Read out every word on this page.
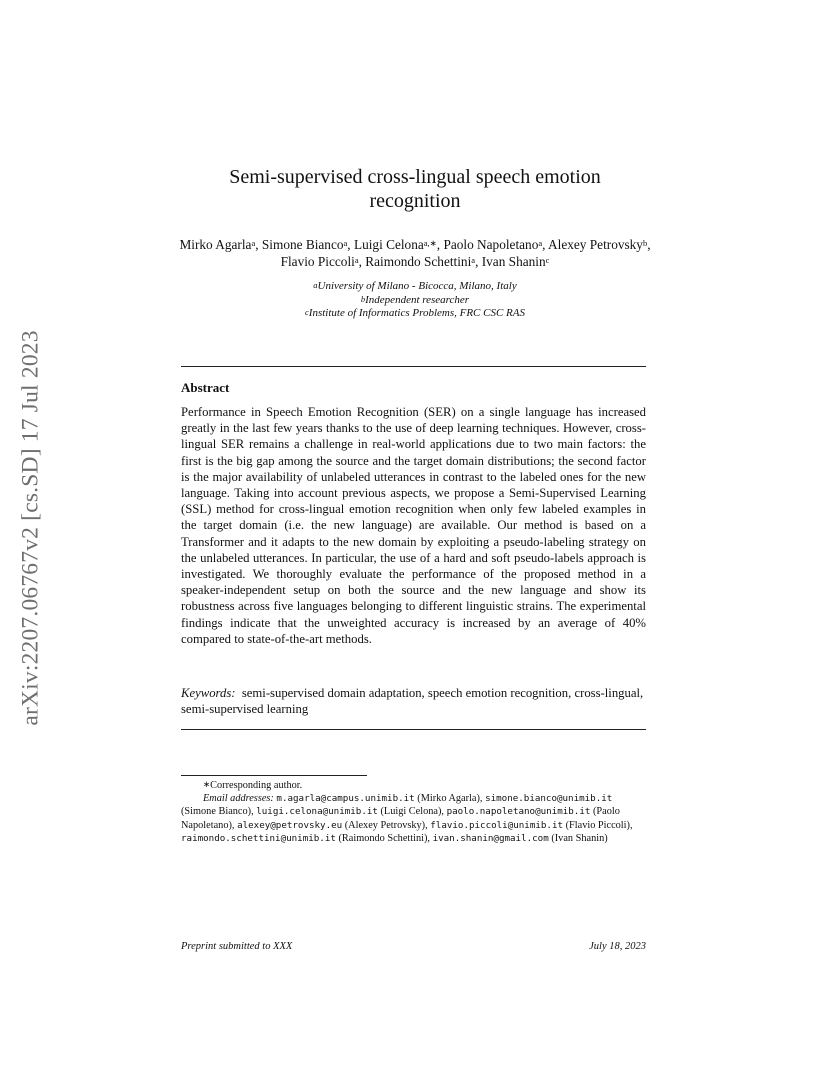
arXiv:2207.06767v2 [cs.SD] 17 Jul 2023
Semi-supervised cross-lingual speech emotion
recognition
Mirko Agarla$^a$, Simone Bianco$^a$, Luigi Celona$^{a,∗}$, Paolo Napoletano$^a$, Alexey Petrovsky$^b$, Flavio Piccoli$^a$, Raimondo Schettini$^a$, Ivan Shanin$^c$
$^a$University of Milano - Bicocca, Milano, Italy
$^b$Independent researcher
$^c$Institute of Informatics Problems, FRC CSC RAS
Abstract

Performance in Speech Emotion Recognition (SER) on a single language has increased greatly in the last few years thanks to the use of deep learning techniques. However, cross-lingual SER remains a challenge in real-world applications due to two main factors: the first is the big gap among the source and the target domain distributions; the second factor is the major availability of unlabeled utterances in contrast to the labeled ones for the new language. Taking into account previous aspects, we propose a Semi-Supervised Learning (SSL) method for cross-lingual emotion recognition when only few labeled examples in the target domain (i.e. the new language) are available. Our method is based on a Transformer and it adapts to the new domain by exploiting a pseudo-labeling strategy on the unlabeled utterances. In particular, the use of a hard and soft pseudo-labels approach is investigated. We thoroughly evaluate the performance of the proposed method in a speaker-independent setup on both the source and the new language and show its robustness across five languages belonging to different linguistic strains. The experimental findings indicate that the unweighted accuracy is increased by an average of 40% compared to state-of-the-art methods.

Keywords: semi-supervised domain adaptation, speech emotion recognition, cross-lingual, semi-supervised learning

∗Corresponding author.
Email addresses: m.agarla@campus.unimib.it (Mirko Agarla), simone.bianco@unimib.it (Simone Bianco), luigi.celona@unimib.it (Luigi Celona), paolo.napoletano@unimib.it (Paolo Napoletano), alexey@petrovsky.eu (Alexey Petrovsky), flavio.piccoli@unimib.it (Flavio Piccoli), raimondo.schettini@unimib.it (Raimondo Schettini), ivan.shanin@gmail.com (Ivan Shanin)

Preprint submitted to XXX	July 18, 2023
